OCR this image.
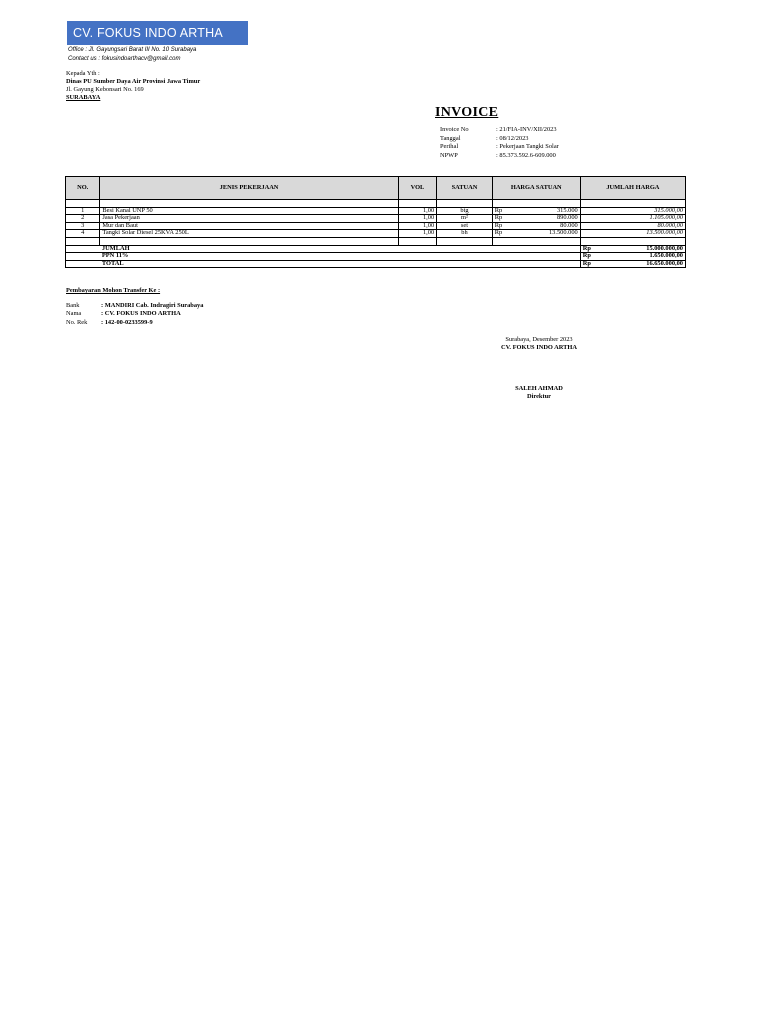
CV. FOKUS INDO ARTHA
Office : Jl. Gayungsari Barat III No. 10 Surabaya
Contact us : fokusindoarthacv@gmail.com
Kepada Yth :
Dinas PU Sumber Daya Air Provinsi Jawa Timur
Jl. Gayung Kebonsari No. 169
SURABAYA
INVOICE
Invoice No	: 21/FIA-INV/XII/2023
Tanggal	: 08/12/2023
Perihal	: Pekerjaan Tangki Solar
NPWP	: 85.373.592.6-609.000
NO.	JENIS PEKERJAAN	VOL	SATUAN	HARGA SATUAN		JUMLAH HARGA

1	Besi Kanal UNP 50	1,00	btg	Rp	315.000	315.000,00
2	Jasa Pekerjaan	1,00	m²	Rp	890.000	1.105.000,00
3	Mur dan Baut	1,00	set	Rp	80.000	80.000,00
4	Tangki Solar Diesel 25KVA 250L	1,00	bh	Rp	13.500.000	13.500.000,00

	JUMLAH					Rp 15.000.000,00

	PPN 11%					Rp 1.650.000,00

	TOTAL					Rp 16.650.000,00
Pembayaran Mohon Transfer Ke :
Bank	: MANDIRI Cab. Indragiri Surabaya
Nama	: CV. FOKUS INDO ARTHA
No. Rek	: 142-00-0233599-9
Surabaya, Desember 2023
CV. FOKUS INDO ARTHA
SALEH AHMAD
Direktur
